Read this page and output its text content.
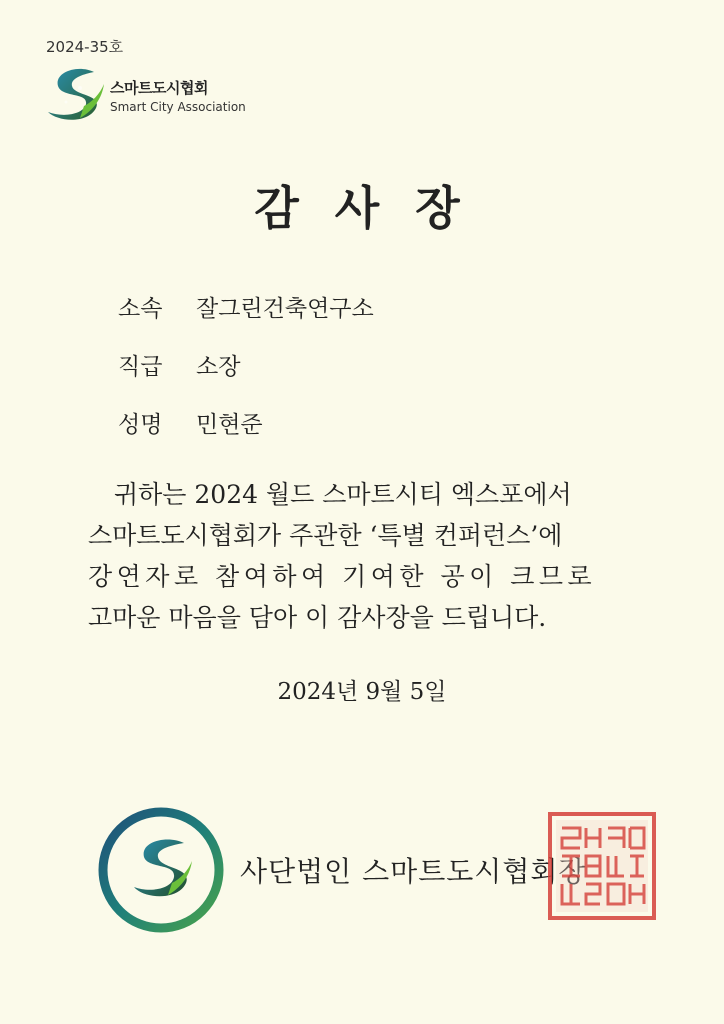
2024-35호
스마트도시협회
Smart City Association
감 사 장
소속 잘그린건축연구소
직급 소장
성명 민현준
귀하는 2024 월드 스마트시티 엑스포에서
스마트도시협회가 주관한 ‘특별 컨퍼런스’에
강연자로 참여하여 기여한 공이 크므로
고마운 마음을 담아 이 감사장을 드립니다.
2024년 9월 5일
사단법인 스마트도시협회장
